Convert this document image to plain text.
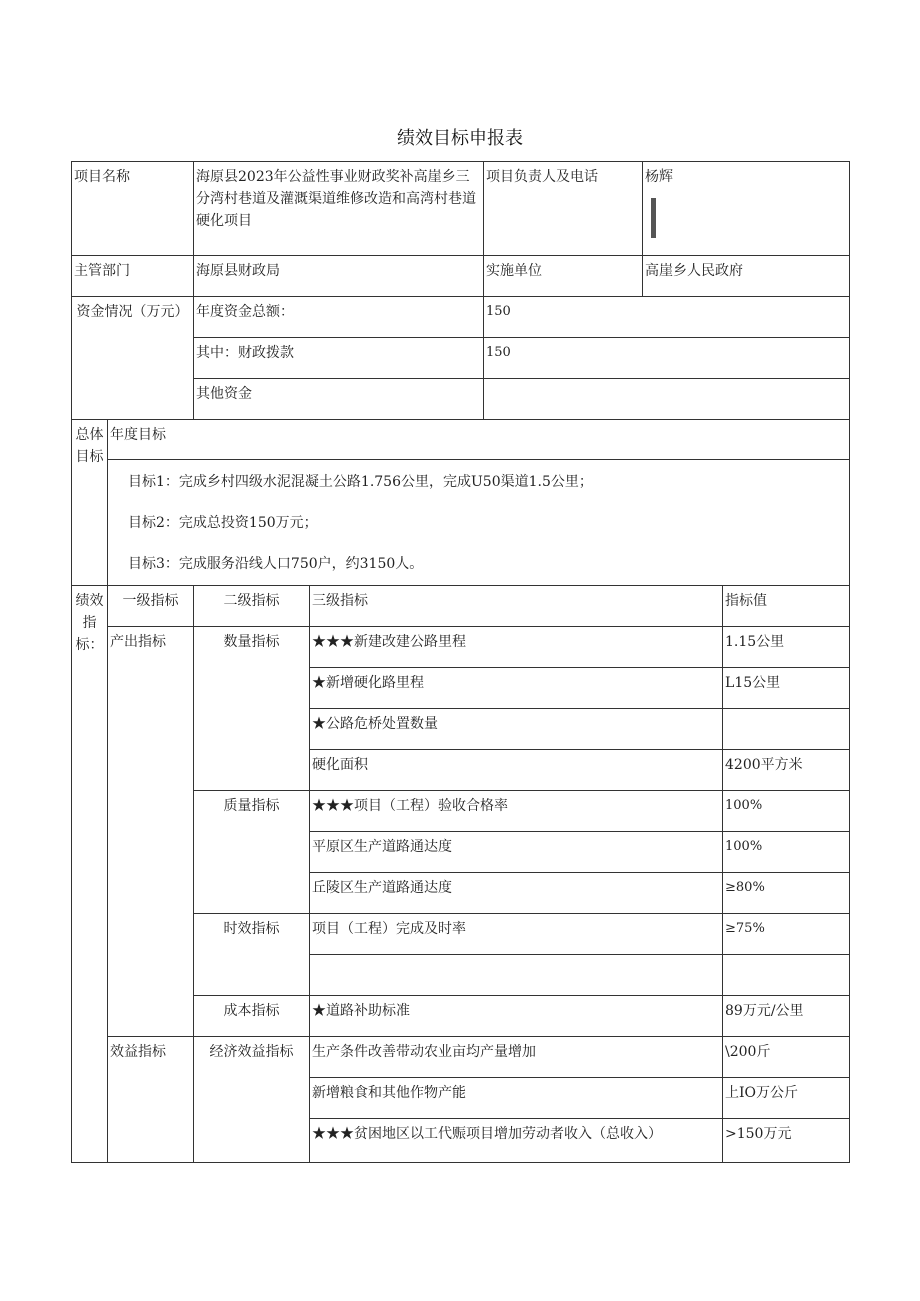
绩效目标申报表
项目名称		海原县2023年公益性事业财政奖补高崖乡三分湾村巷道及灌溉渠道维修改造和高湾村巷道硬化项目		项目负责人及电话	杨辉	

主管部门		海原县财政局		实施单位	高崖乡人民政府	
资金情况（万元）		年度资金总额：		150		
		其中：财政拨款		150		
		其他资金				

总体目标	年度目标					

	目标1：完成乡村四级水泥混凝土公路1.756公里，完成U50渠道1.5公里；
目标2：完成总投资150万元；
目标3：完成服务沿线人口750户，约3150人。					

绩效指标：	一级指标	二级指标	三级指标			指标值
	产出指标	数量指标	★★★新建改建公路里程			1.15公里
			★新增硬化路里程			L15公里
			★公路危桥处置数量			
			硬化面积			4200平方米
		质量指标	★★★项目（工程）验收合格率			100%
			平原区生产道路通达度			100%
			丘陵区生产道路通达度			≥80%
		时效指标	项目（工程）完成及时率			≥75%

		成本指标	★道路补助标准			89万元/公里
	效益指标	经济效益指标	生产条件改善带动农业亩均产量增加			\200斤
			新增粮食和其他作物产能			上IO万公斤
			★★★贫困地区以工代赈项目增加劳动者收入（总收入）			>150万元
